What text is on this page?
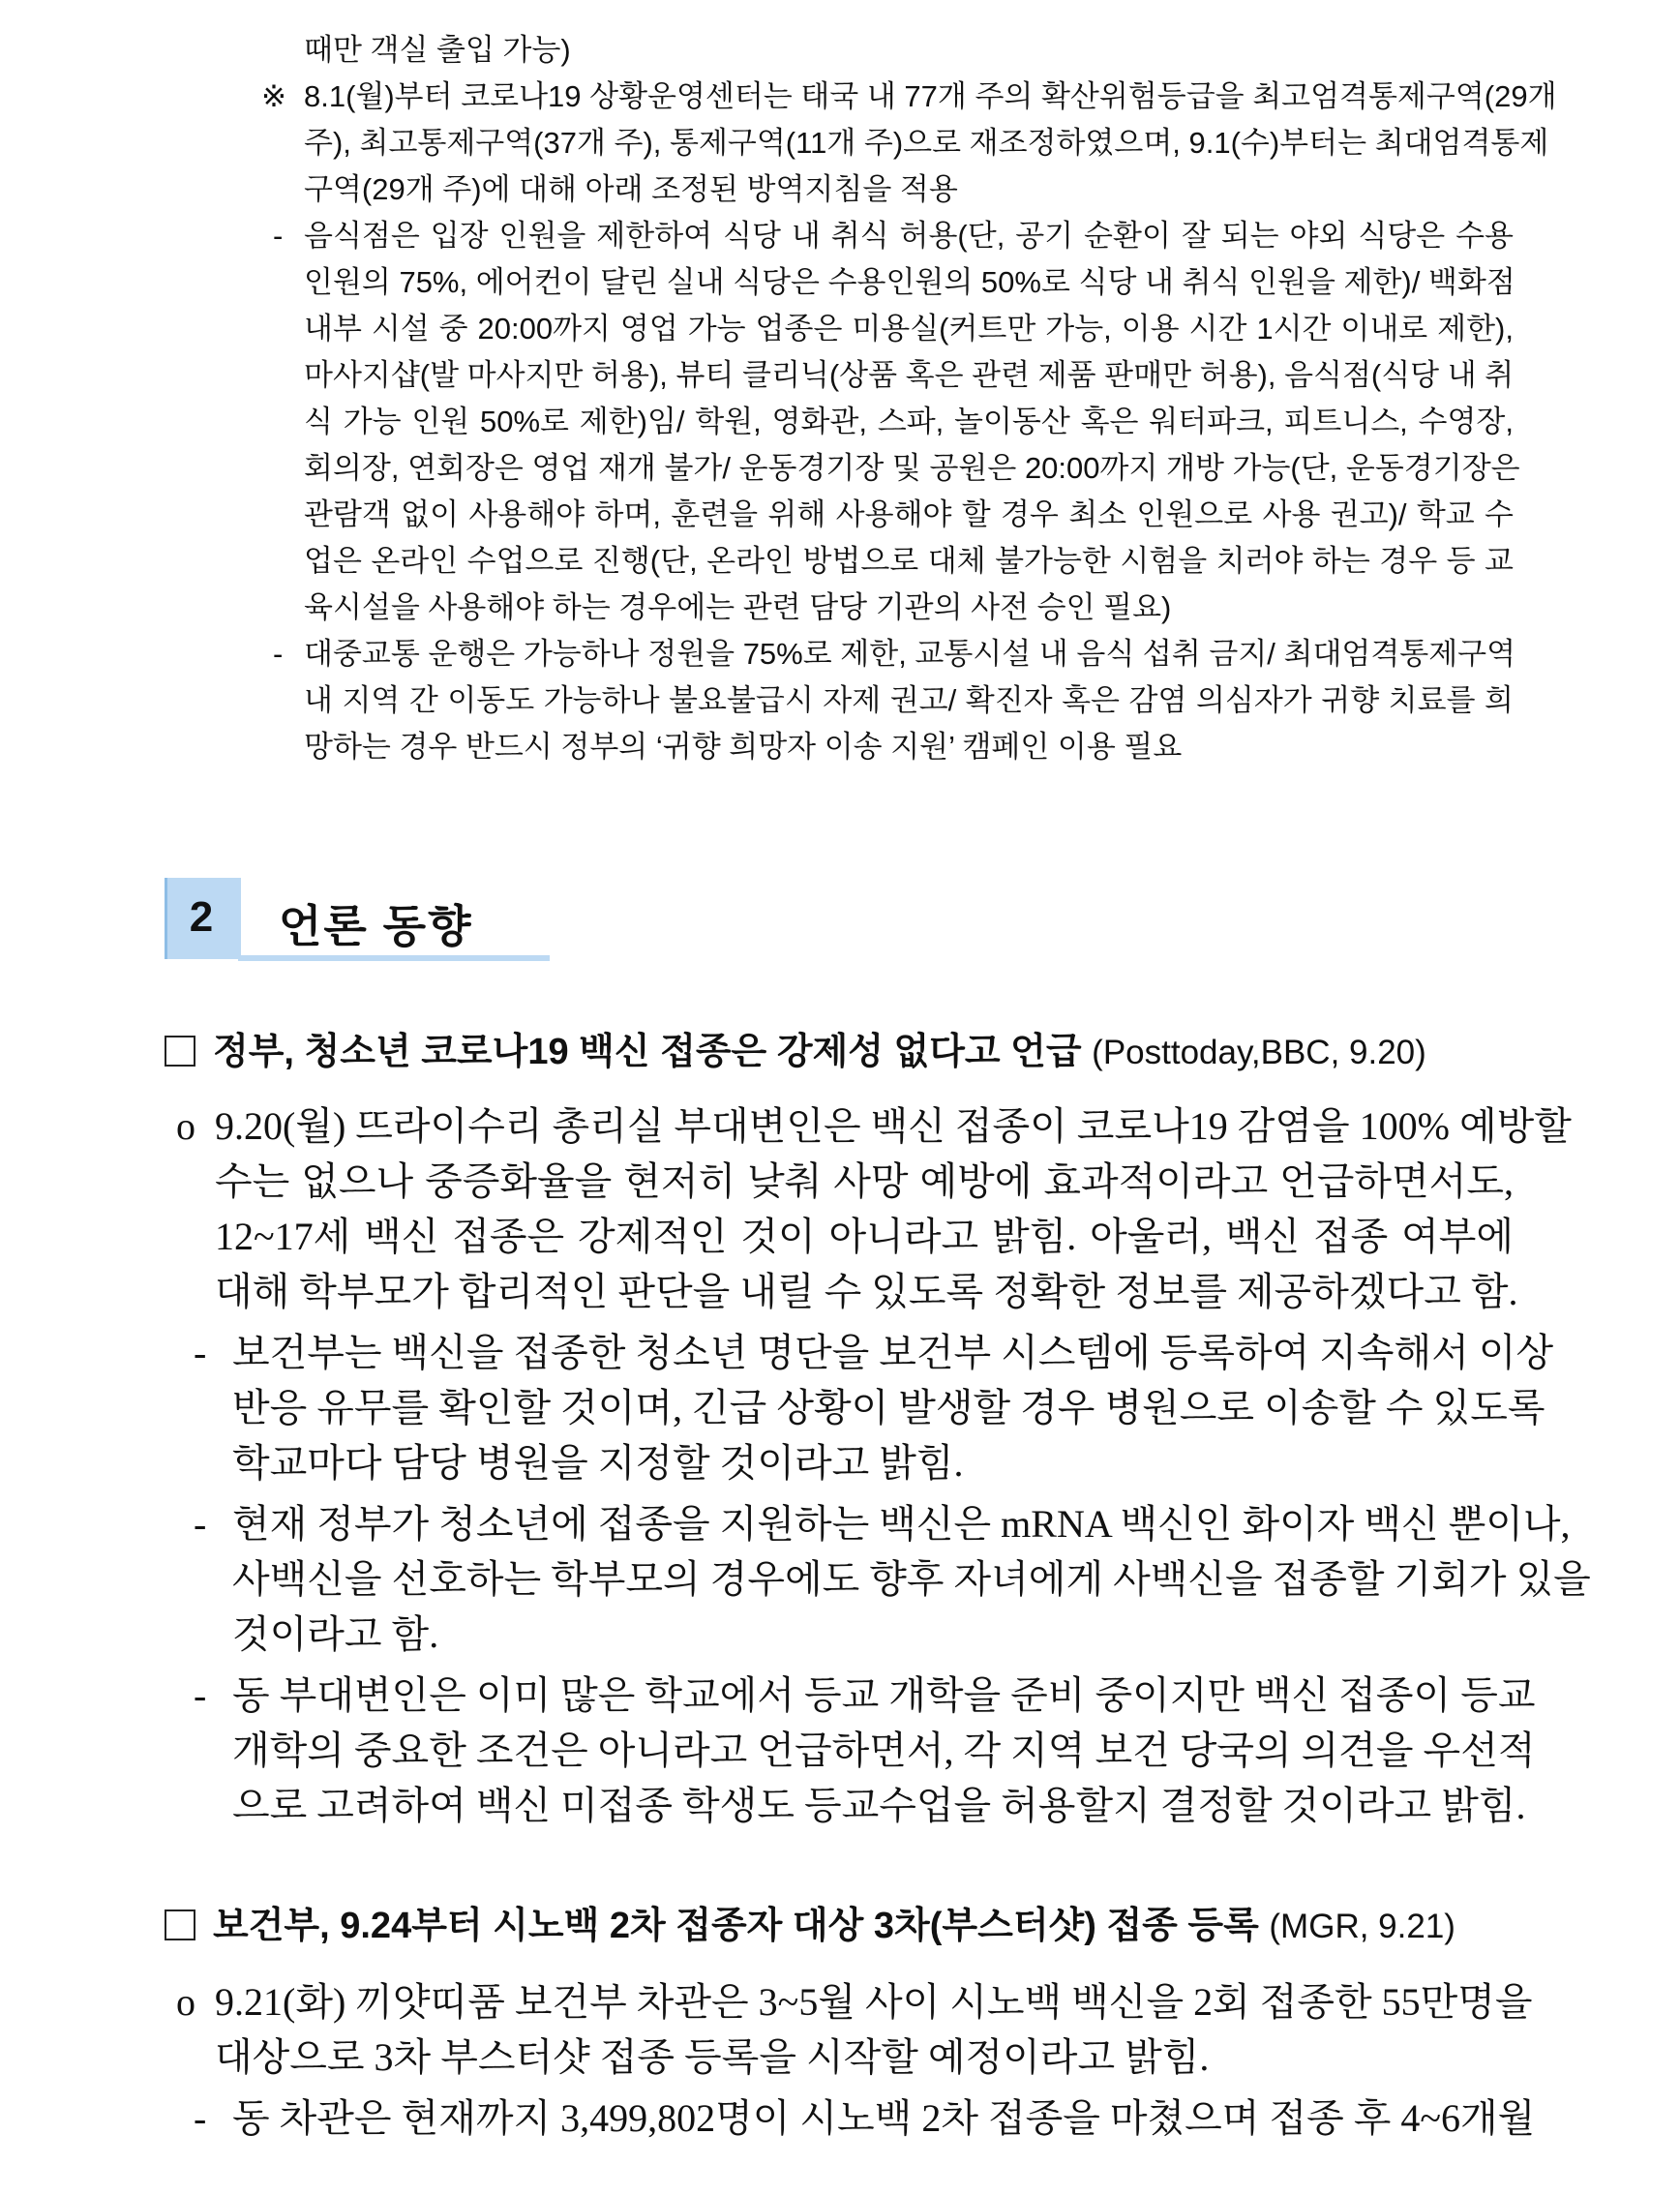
때만 객실 출입 가능)
※ 8.1(월)부터 코로나19 상황운영센터는 태국 내 77개 주의 확산위험등급을 최고엄격통제구역(29개
주), 최고통제구역(37개 주), 통제구역(11개 주)으로 재조정하였으며, 9.1(수)부터는 최대엄격통제
구역(29개 주)에 대해 아래 조정된 방역지침을 적용
- 음식점은 입장 인원을 제한하여 식당 내 취식 허용(단, 공기 순환이 잘 되는 야외 식당은 수용
인원의 75%, 에어컨이 달린 실내 식당은 수용인원의 50%로 식당 내 취식 인원을 제한)/ 백화점
내부 시설 중 20:00까지 영업 가능 업종은 미용실(커트만 가능, 이용 시간 1시간 이내로 제한),
마사지샵(발 마사지만 허용), 뷰티 클리닉(상품 혹은 관련 제품 판매만 허용), 음식점(식당 내 취
식 가능 인원 50%로 제한)임/ 학원, 영화관, 스파, 놀이동산 혹은 워터파크, 피트니스, 수영장,
회의장, 연회장은 영업 재개 불가/ 운동경기장 및 공원은 20:00까지 개방 가능(단, 운동경기장은
관람객 없이 사용해야 하며, 훈련을 위해 사용해야 할 경우 최소 인원으로 사용 권고)/ 학교 수
업은 온라인 수업으로 진행(단, 온라인 방법으로 대체 불가능한 시험을 치러야 하는 경우 등 교
육시설을 사용해야 하는 경우에는 관련 담당 기관의 사전 승인 필요)
- 대중교통 운행은 가능하나 정원을 75%로 제한, 교통시설 내 음식 섭취 금지/ 최대엄격통제구역
내 지역 간 이동도 가능하나 불요불급시 자제 권고/ 확진자 혹은 감염 의심자가 귀향 치료를 희
망하는 경우 반드시 정부의 ‘귀향 희망자 이송 지원’ 캠페인 이용 필요
2	언론 동향
정부, 청소년 코로나19 백신 접종은 강제성 없다고 언급 (Posttoday,BBC, 9.20)
o 9.20(월) 뜨라이수리 총리실 부대변인은 백신 접종이 코로나19 감염을 100% 예방할
수는 없으나 중증화율을 현저히 낮춰 사망 예방에 효과적이라고 언급하면서도,
12~17세 백신 접종은 강제적인 것이 아니라고 밝힘. 아울러, 백신 접종 여부에
대해 학부모가 합리적인 판단을 내릴 수 있도록 정확한 정보를 제공하겠다고 함.
- 보건부는 백신을 접종한 청소년 명단을 보건부 시스템에 등록하여 지속해서 이상
반응 유무를 확인할 것이며, 긴급 상황이 발생할 경우 병원으로 이송할 수 있도록
학교마다 담당 병원을 지정할 것이라고 밝힘.
- 현재 정부가 청소년에 접종을 지원하는 백신은 mRNA 백신인 화이자 백신 뿐이나,
사백신을 선호하는 학부모의 경우에도 향후 자녀에게 사백신을 접종할 기회가 있을
것이라고 함.
- 동 부대변인은 이미 많은 학교에서 등교 개학을 준비 중이지만 백신 접종이 등교
개학의 중요한 조건은 아니라고 언급하면서, 각 지역 보건 당국의 의견을 우선적
으로 고려하여 백신 미접종 학생도 등교수업을 허용할지 결정할 것이라고 밝힘.
보건부, 9.24부터 시노백 2차 접종자 대상 3차(부스터샷) 접종 등록 (MGR, 9.21)
o 9.21(화) 끼얏띠품 보건부 차관은 3~5월 사이 시노백 백신을 2회 접종한 55만명을
대상으로 3차 부스터샷 접종 등록을 시작할 예정이라고 밝힘.
- 동 차관은 현재까지 3,499,802명이 시노백 2차 접종을 마쳤으며 접종 후 4~6개월
